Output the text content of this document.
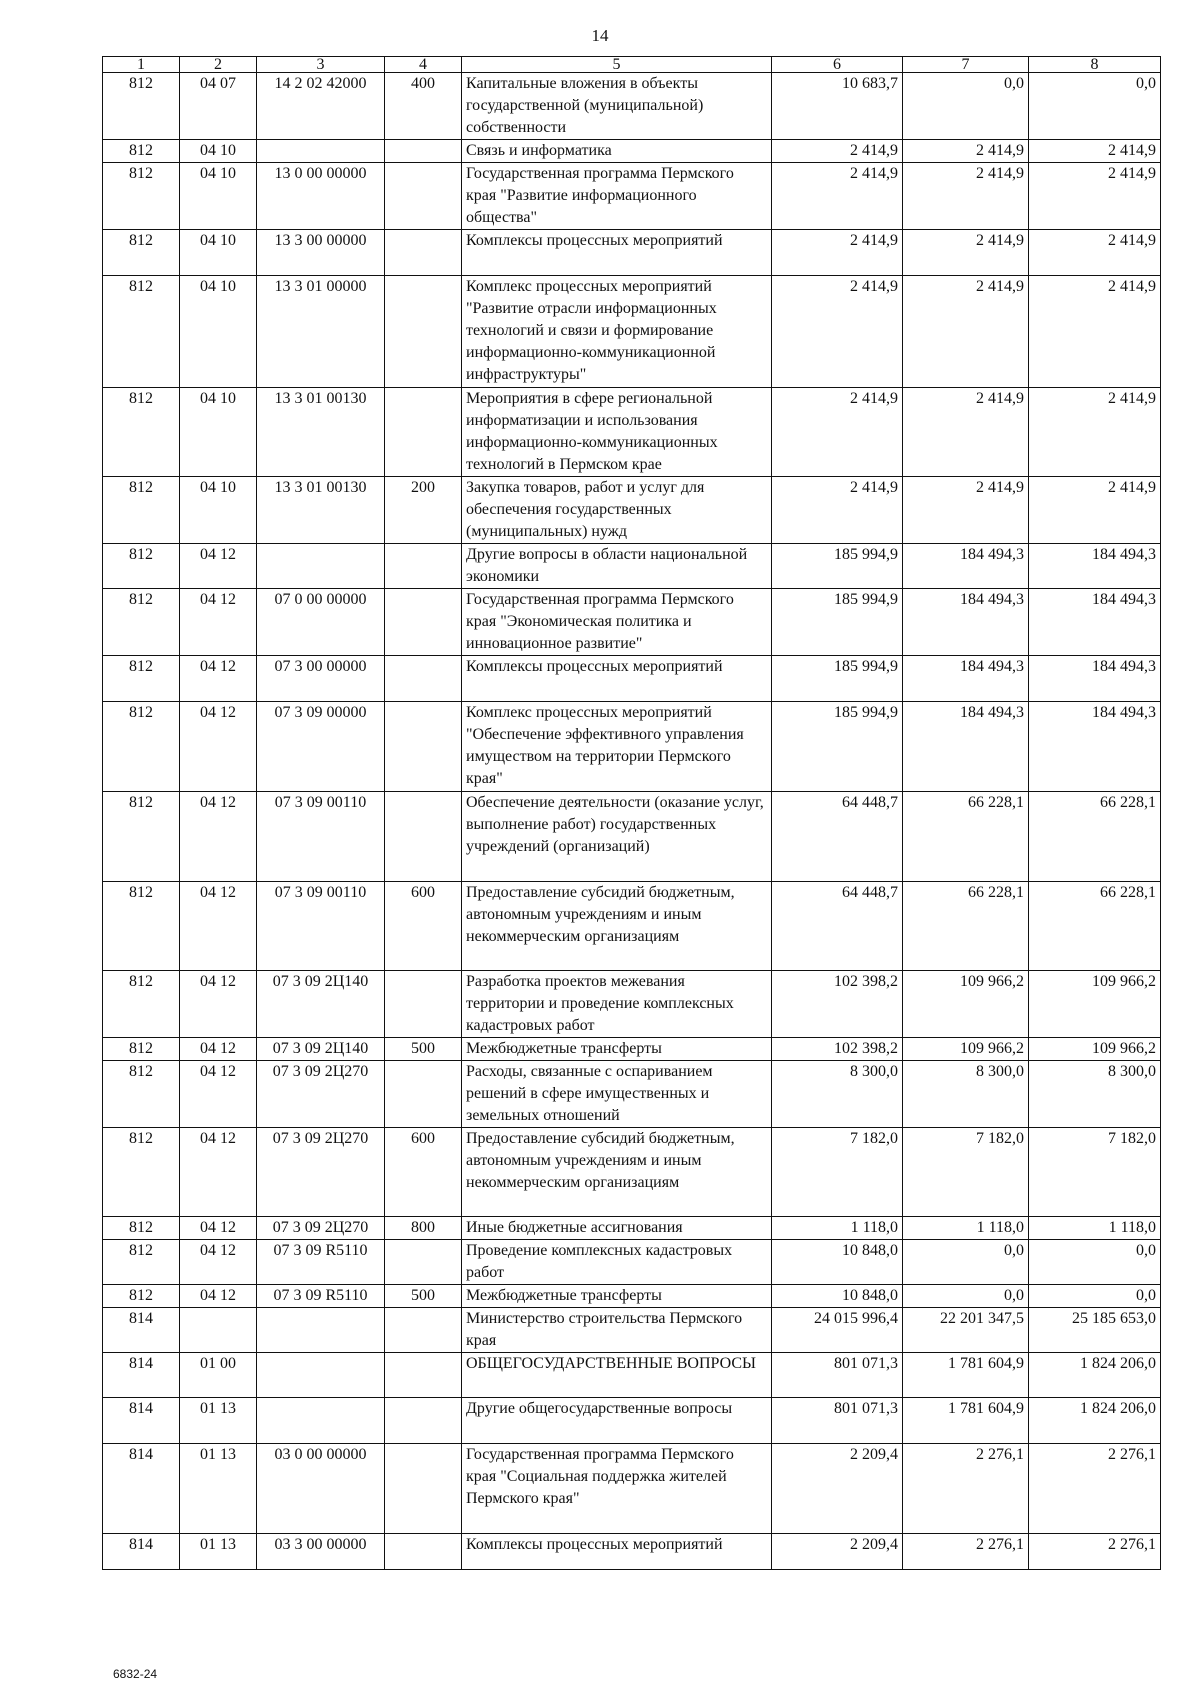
14
1	2	3	4	5	6	7	8
812	04 07	14 2 02 42000	400	Капитальные вложения в объекты государственной (муниципальной) собственности	10 683,7	0,0	0,0
812	04 10			Связь и информатика	2 414,9	2 414,9	2 414,9
812	04 10	13 0 00 00000		Государственная программа Пермского края "Развитие информационного общества"	2 414,9	2 414,9	2 414,9
812	04 10	13 3 00 00000		Комплексы процессных мероприятий	2 414,9	2 414,9	2 414,9
812	04 10	13 3 01 00000		Комплекс процессных мероприятий "Развитие отрасли информационных технологий и связи и формирование информационно-коммуникационной инфраструктуры"	2 414,9	2 414,9	2 414,9
812	04 10	13 3 01 00130		Мероприятия в сфере региональной информатизации и использования информационно-коммуникационных технологий в Пермском крае	2 414,9	2 414,9	2 414,9
812	04 10	13 3 01 00130	200	Закупка товаров, работ и услуг для обеспечения государственных (муниципальных) нужд	2 414,9	2 414,9	2 414,9
812	04 12			Другие вопросы в области национальной экономики	185 994,9	184 494,3	184 494,3
812	04 12	07 0 00 00000		Государственная программа Пермского края "Экономическая политика и инновационное развитие"	185 994,9	184 494,3	184 494,3
812	04 12	07 3 00 00000		Комплексы процессных мероприятий	185 994,9	184 494,3	184 494,3
812	04 12	07 3 09 00000		Комплекс процессных мероприятий "Обеспечение эффективного управления имуществом на территории Пермского края"	185 994,9	184 494,3	184 494,3
812	04 12	07 3 09 00110		Обеспечение деятельности (оказание услуг, выполнение работ) государственных учреждений (организаций)	64 448,7	66 228,1	66 228,1
812	04 12	07 3 09 00110	600	Предоставление субсидий бюджетным, автономным учреждениям и иным некоммерческим организациям	64 448,7	66 228,1	66 228,1
812	04 12	07 3 09 2Ц140		Разработка проектов межевания территории и проведение комплексных кадастровых работ	102 398,2	109 966,2	109 966,2
812	04 12	07 3 09 2Ц140	500	Межбюджетные трансферты	102 398,2	109 966,2	109 966,2
812	04 12	07 3 09 2Ц270		Расходы, связанные с оспариванием решений в сфере имущественных и земельных отношений	8 300,0	8 300,0	8 300,0
812	04 12	07 3 09 2Ц270	600	Предоставление субсидий бюджетным, автономным учреждениям и иным некоммерческим организациям	7 182,0	7 182,0	7 182,0
812	04 12	07 3 09 2Ц270	800	Иные бюджетные ассигнования	1 118,0	1 118,0	1 118,0
812	04 12	07 3 09 R5110		Проведение комплексных кадастровых работ	10 848,0	0,0	0,0
812	04 12	07 3 09 R5110	500	Межбюджетные трансферты	10 848,0	0,0	0,0
814				Министерство строительства Пермского края	24 015 996,4	22 201 347,5	25 185 653,0
814	01 00			ОБЩЕГОСУДАРСТВЕННЫЕ ВОПРОСЫ	801 071,3	1 781 604,9	1 824 206,0
814	01 13			Другие общегосударственные вопросы	801 071,3	1 781 604,9	1 824 206,0
814	01 13	03 0 00 00000		Государственная программа Пермского края "Социальная поддержка жителей Пермского края"	2 209,4	2 276,1	2 276,1
814	01 13	03 3 00 00000		Комплексы процессных мероприятий	2 209,4	2 276,1	2 276,1
6832-24
